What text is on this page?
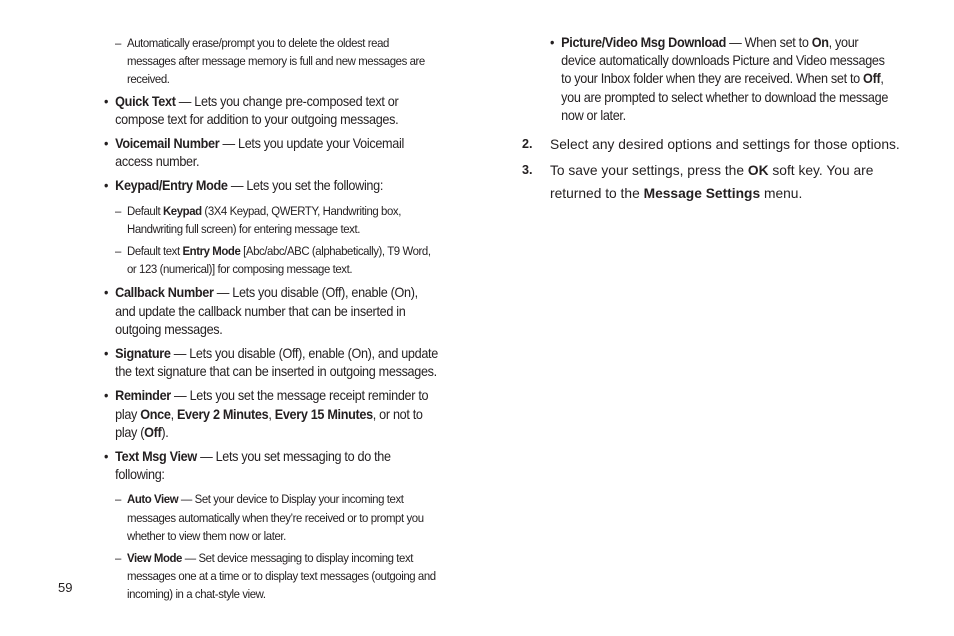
– Automatically erase/prompt you to delete the oldest read messages after message memory is full and new messages are received.
• Quick Text — Lets you change pre-composed text or compose text for addition to your outgoing messages.
• Voicemail Number — Lets you update your Voicemail access number.
• Keypad/Entry Mode — Lets you set the following:
– Default Keypad (3X4 Keypad, QWERTY, Handwriting box, Handwriting full screen) for entering message text.
– Default text Entry Mode [Abc/abc/ABC (alphabetically), T9 Word, or 123 (numerical)] for composing message text.
• Callback Number — Lets you disable (Off), enable (On), and update the callback number that can be inserted in outgoing messages.
• Signature — Lets you disable (Off), enable (On), and update the text signature that can be inserted in outgoing messages.
• Reminder — Lets you set the message receipt reminder to play Once, Every 2 Minutes, Every 15 Minutes, or not to play (Off).
• Text Msg View — Lets you set messaging to do the following:
– Auto View — Set your device to Display your incoming text messages automatically when they’re received or to prompt you whether to view them now or later.
– View Mode — Set device messaging to display incoming text messages one at a time or to display text messages (outgoing and incoming) in a chat-style view.
• Picture/Video Msg Download — When set to On, your device automatically downloads Picture and Video messages to your Inbox folder when they are received. When set to Off, you are prompted to select whether to download the message now or later.
2. Select any desired options and settings for those options.
3. To save your settings, press the OK soft key. You are returned to the Message Settings menu.
59
